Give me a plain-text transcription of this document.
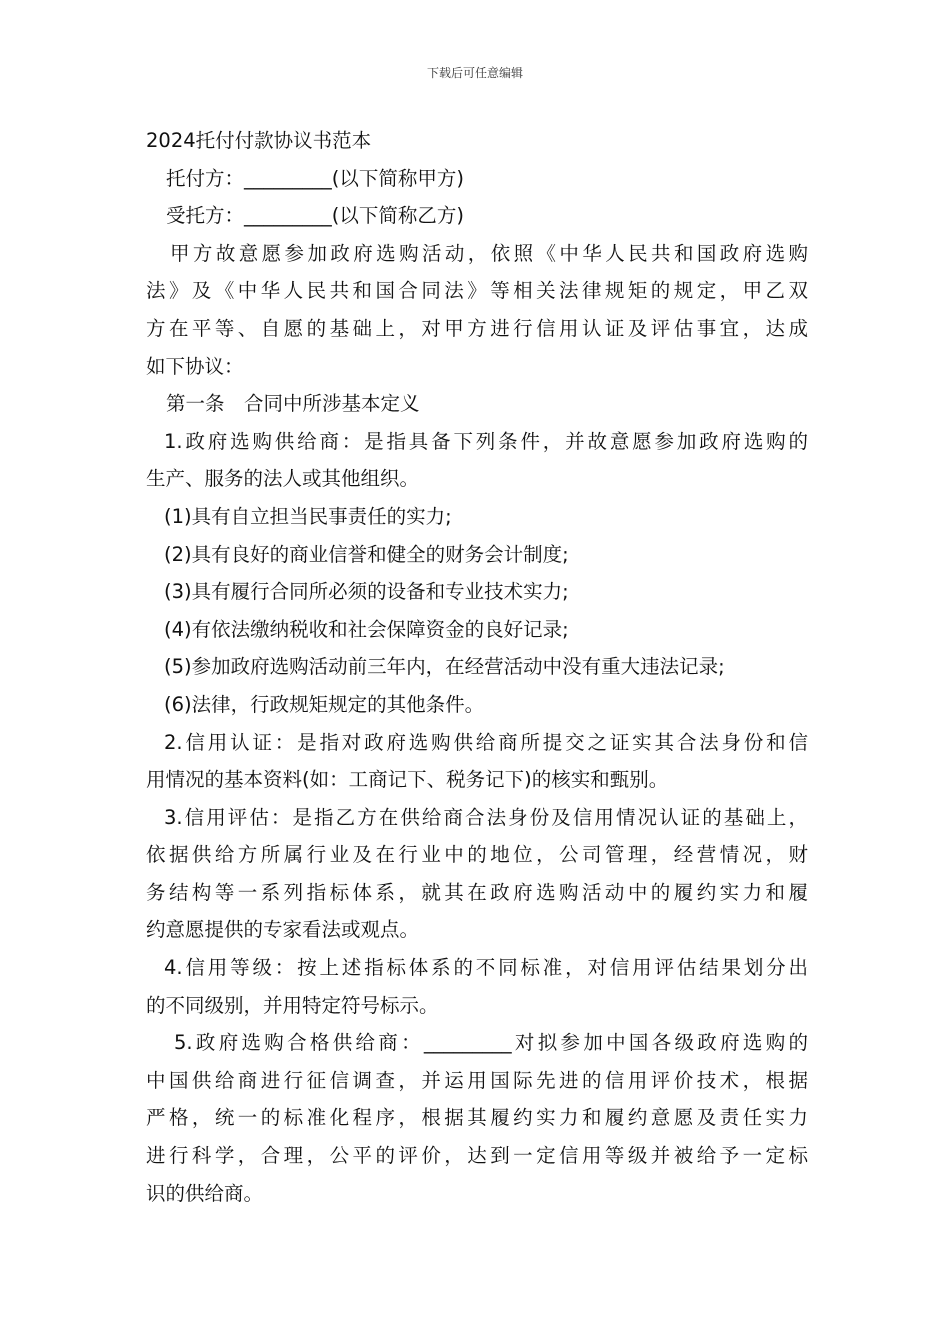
下载后可任意编辑
2024托付付款协议书范本
托付方：_________(以下简称甲方)
受托方：_________(以下简称乙方)
甲方故意愿参加政府选购活动，依照《中华人民共和国政府选购
法》及《中华人民共和国合同法》等相关法律规矩的规定，甲乙双
方在平等、自愿的基础上，对甲方进行信用认证及评估事宜，达成
如下协议：
第一条　合同中所涉基本定义
1.政府选购供给商：是指具备下列条件，并故意愿参加政府选购的
生产、服务的法人或其他组织。
(1)具有自立担当民事责任的实力;
(2)具有良好的商业信誉和健全的财务会计制度;
(3)具有履行合同所必须的设备和专业技术实力;
(4)有依法缴纳税收和社会保障资金的良好记录;
(5)参加政府选购活动前三年内，在经营活动中没有重大违法记录;
(6)法律，行政规矩规定的其他条件。
2.信用认证：是指对政府选购供给商所提交之证实其合法身份和信
用情况的基本资料(如：工商记下、税务记下)的核实和甄别。
3.信用评估：是指乙方在供给商合法身份及信用情况认证的基础上，
依据供给方所属行业及在行业中的地位，公司管理，经营情况，财
务结构等一系列指标体系，就其在政府选购活动中的履约实力和履
约意愿提供的专家看法或观点。
4.信用等级：按上述指标体系的不同标准，对信用评估结果划分出
的不同级别，并用特定符号标示。
5.政府选购合格供给商：_________对拟参加中国各级政府选购的
中国供给商进行征信调查，并运用国际先进的信用评价技术，根据
严格，统一的标准化程序，根据其履约实力和履约意愿及责任实力
进行科学，合理，公平的评价，达到一定信用等级并被给予一定标
识的供给商。
